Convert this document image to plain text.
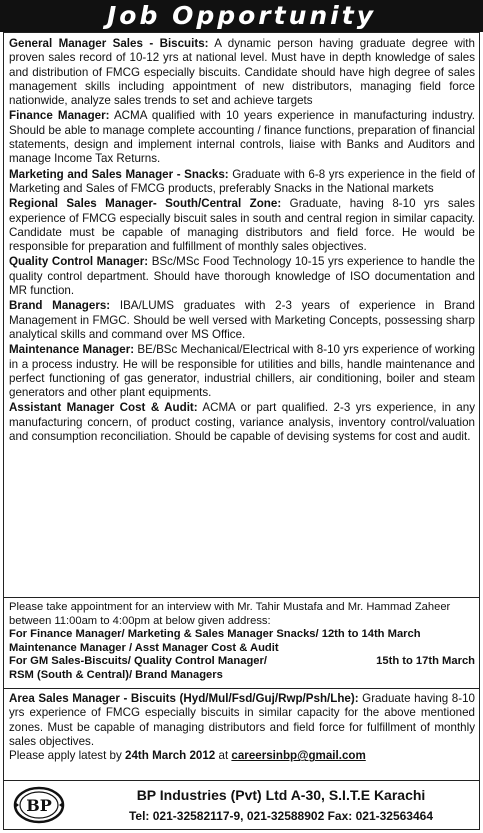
Job Opportunity

General Manager Sales - Biscuits: A dynamic person having graduate degree with proven sales record of 10-12 yrs at national level. Must have in depth knowledge of sales and distribution of FMCG especially biscuits. Candidate should have high degree of sales management skills including appointment of new distributors, managing field force nationwide, analyze sales trends to set and achieve targets

Finance Manager: ACMA qualified with 10 years experience in manufacturing industry. Should be able to manage complete accounting / finance functions, preparation of financial statements, design and implement internal controls, liaise with Banks and Auditors and manage Income Tax Returns.

Marketing and Sales Manager - Snacks: Graduate with 6-8 yrs experience in the field of Marketing and Sales of FMCG products, preferably Snacks in the National markets

Regional Sales Manager- South/Central Zone: Graduate, having 8-10 yrs sales experience of FMCG especially biscuit sales in south and central region in similar capacity. Candidate must be capable of managing distributors and field force. He would be responsible for preparation and fulfillment of monthly sales objectives.

Quality Control Manager: BSc/MSc Food Technology 10-15 yrs experience to handle the quality control department. Should have thorough knowledge of ISO documentation and MR function.

Brand Managers: IBA/LUMS graduates with 2-3 years of experience in Brand Management in FMGC. Should be well versed with Marketing Concepts, possessing sharp analytical skills and command over MS Office.

Maintenance Manager: BE/BSc Mechanical/Electrical with 8-10 yrs experience of working in a process industry. He will be responsible for utilities and bills, handle maintenance and perfect functioning of gas generator, industrial chillers, air conditioning, boiler and steam generators and other plant equipments.

Assistant Manager Cost & Audit: ACMA or part qualified. 2-3 yrs experience, in any manufacturing concern, of product costing, variance analysis, inventory control/valuation and consumption reconciliation. Should be capable of devising systems for cost and audit.

Please take appointment for an interview with Mr. Tahir Mustafa and Mr. Hammad Zaheer between 11:00am to 4:00pm at below given address:
For Finance Manager/ Marketing & Sales Manager Snacks/ 12th to 14th March
Maintenance Manager / Asst Manager Cost & Audit
For GM Sales-Biscuits/ Quality Control Manager/	15th to 17th March
RSM (South & Central)/ Brand Managers
Area Sales Manager - Biscuits (Hyd/Mul/Fsd/Guj/Rwp/Psh/Lhe): Graduate having 8-10 yrs experience of FMCG especially biscuits in similar capacity for the above mentioned zones. Must be capable of managing distributors and field force for fulfillment of monthly sales objectives.
Please apply latest by 24th March 2012 at careersinbp@gmail.com
BP
BP Industries (Pvt) Ltd A-30, S.I.T.E Karachi
Tel: 021-32582117-9, 021-32588902 Fax: 021-32563464
